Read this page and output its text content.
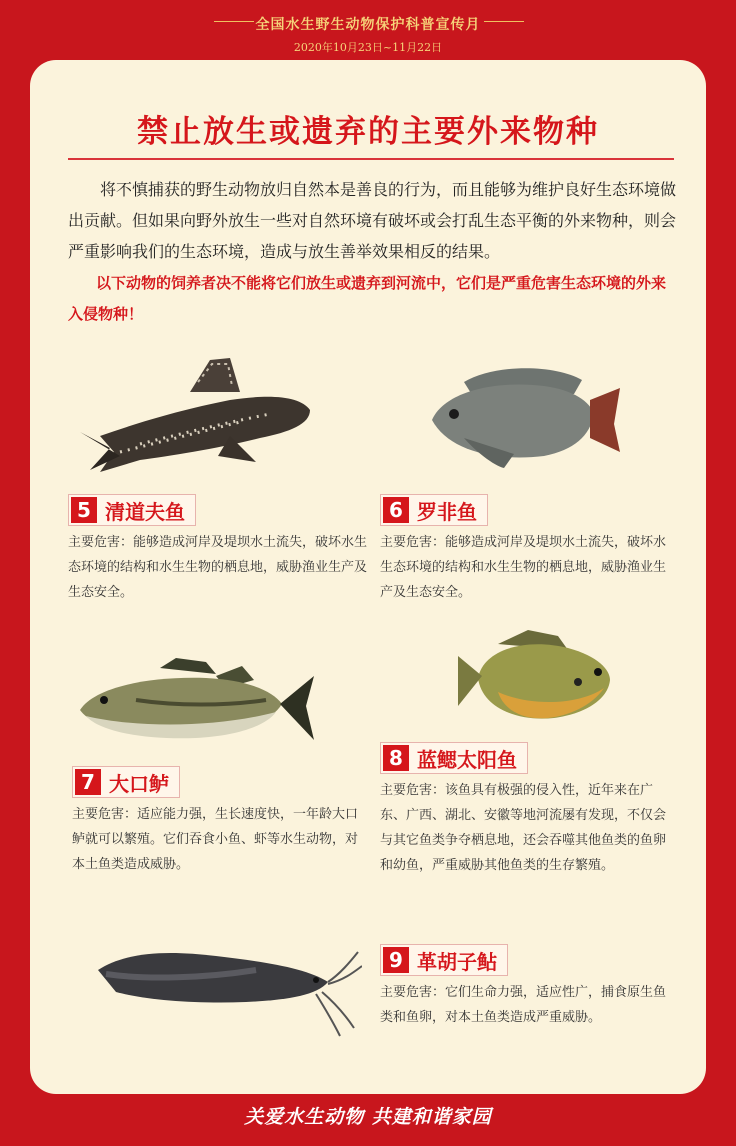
全国水生野生动物保护科普宣传月
2020年10月23日~11月22日
禁止放生或遗弃的主要外来物种
将不慎捕获的野生动物放归自然本是善良的行为，而且能够为维护良好生态环境做出贡献。但如果向野外放生一些对自然环境有破坏或会打乱生态平衡的外来物种，则会严重影响我们的生态环境，造成与放生善举效果相反的结果。
以下动物的饲养者决不能将它们放生或遗弃到河流中，它们是严重危害生态环境的外来入侵物种！
5 清道夫鱼
主要危害：能够造成河岸及堤坝水土流失，破坏水生态环境的结构和水生生物的栖息地，威胁渔业生产及生态安全。
6 罗非鱼
主要危害：能够造成河岸及堤坝水土流失，破坏水生态环境的结构和水生生物的栖息地，威胁渔业生产及生态安全。
7 大口鲈
主要危害：适应能力强，生长速度快，一年龄大口鲈就可以繁殖。它们吞食小鱼、虾等水生动物，对本土鱼类造成威胁。
8 蓝鳃太阳鱼
主要危害：该鱼具有极强的侵入性，近年来在广东、广西、湖北、安徽等地河流屡有发现，不仅会与其它鱼类争夺栖息地，还会吞噬其他鱼类的鱼卵和幼鱼，严重威胁其他鱼类的生存繁殖。
9 革胡子鲇
主要危害：它们生命力强，适应性广，捕食原生鱼类和鱼卵，对本土鱼类造成严重威胁。
关爱水生动物 共建和谐家园
